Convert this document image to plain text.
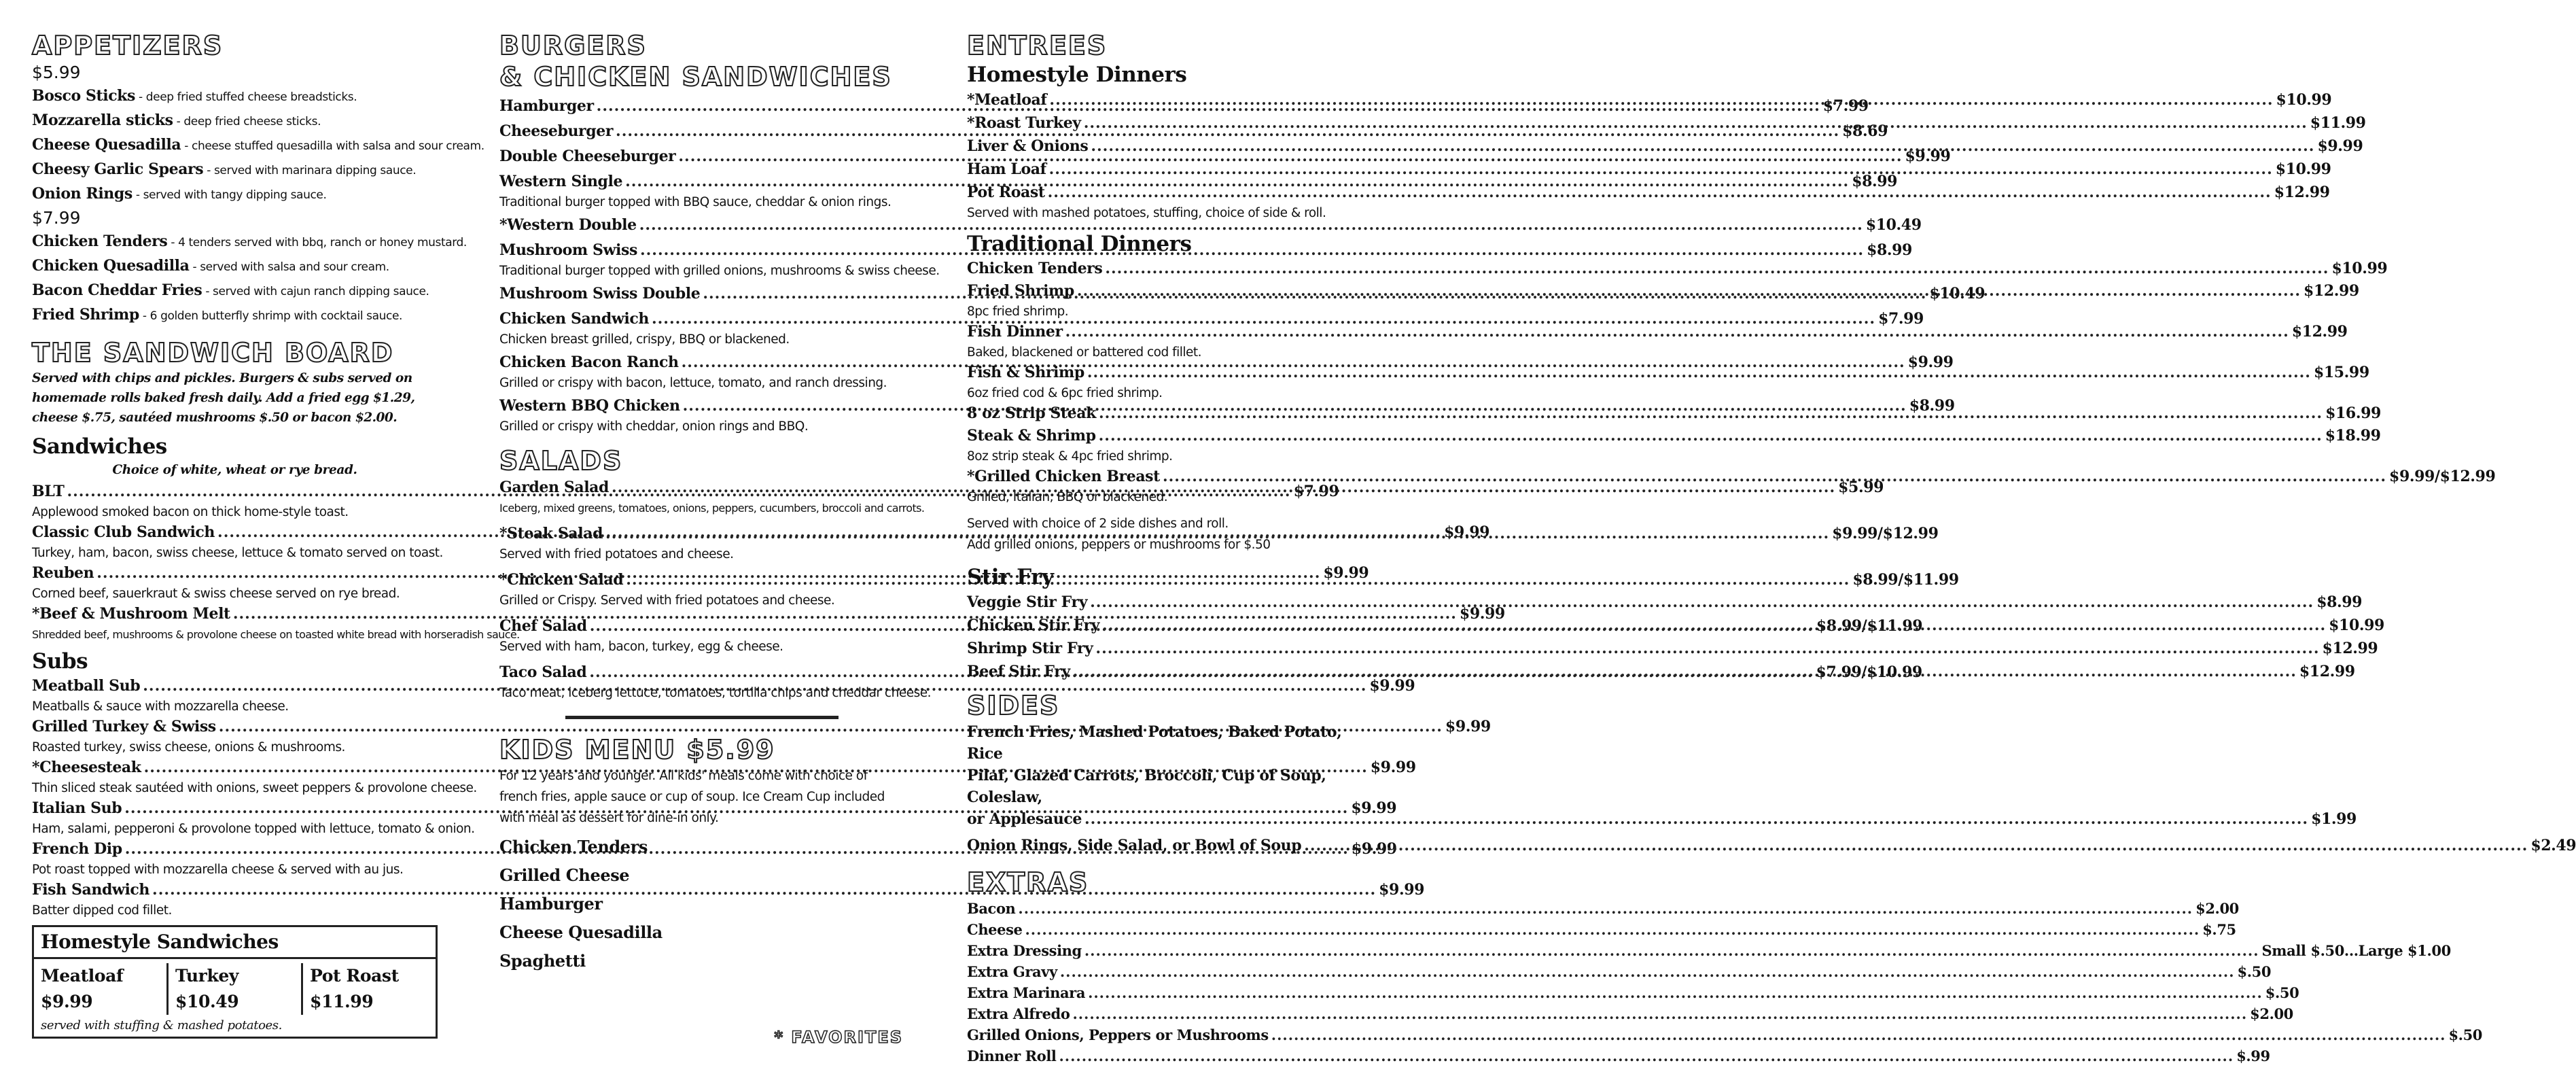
APPETIZERS
$5.99
Bosco Sticks - deep fried stuffed cheese breadsticks.
Mozzarella sticks - deep fried cheese sticks.
Cheese Quesadilla - cheese stuffed quesadilla with salsa and sour cream.
Cheesy Garlic Spears - served with marinara dipping sauce.
Onion Rings - served with tangy dipping sauce.
$7.99
Chicken Tenders - 4 tenders served with bbq, ranch or honey mustard.
Chicken Quesadilla - served with salsa and sour cream.
Bacon Cheddar Fries - served with cajun ranch dipping sauce.
Fried Shrimp - 6 golden butterfly shrimp with cocktail sauce.
THE SANDWICH BOARD
Served with chips and pickles. Burgers & subs served on homemade rolls baked fresh daily. Add a fried egg $1.29, cheese $.75, sautéed mushrooms $.50 or bacon $2.00.
Sandwiches
Choice of white, wheat or rye bread.
BLT .....	$7.99
Applewood smoked bacon on thick home-style toast.
Classic Club Sandwich .....	$9.99
Turkey, ham, bacon, swiss cheese, lettuce & tomato served on toast.
Reuben .....	$9.99
Corned beef, sauerkraut & swiss cheese served on rye bread.
*Beef & Mushroom Melt .....	$9.99
Shredded beef, mushrooms & provolone cheese on toasted white bread with horseradish sauce.
Subs
Meatball Sub .....	$9.99
Meatballs & sauce with mozzarella cheese.
Grilled Turkey & Swiss .....	$9.99
Roasted turkey, swiss cheese, onions & mushrooms.
*Cheesesteak .....	$9.99
Thin sliced steak sautéed with onions, sweet peppers & provolone cheese.
Italian Sub .....	$9.99
Ham, salami, pepperoni & provolone topped with lettuce, tomato & onion.
French Dip .....	$9.99
Pot roast topped with mozzarella cheese & served with au jus.
Fish Sandwich .....	$9.99
Batter dipped cod fillet.
Homestyle Sandwiches
Meatloaf
$9.99
Turkey
$10.49
Pot Roast
$11.99
served with stuffing & mashed potatoes.
BURGERS
& CHICKEN SANDWICHES
Hamburger .....	$7.99
Cheeseburger .....	$8.69
Double Cheeseburger .....	$9.99
Western Single .....	$8.99
Traditional burger topped with BBQ sauce, cheddar & onion rings.
*Western Double .....	$10.49
Mushroom Swiss .....	$8.99
Traditional burger topped with grilled onions, mushrooms & swiss cheese.
Mushroom Swiss Double .....	$10.49
Chicken Sandwich .....	$7.99
Chicken breast grilled, crispy, BBQ or blackened.
Chicken Bacon Ranch .....	$9.99
Grilled or crispy with bacon, lettuce, tomato, and ranch dressing.
Western BBQ Chicken .....	$8.99
Grilled or crispy with cheddar, onion rings and BBQ.
SALADS
Garden Salad .....	$5.99
Iceberg, mixed greens, tomatoes, onions, peppers, cucumbers, broccoli and carrots.
*Steak Salad .....	$9.99/$12.99
Served with fried potatoes and cheese.
*Chicken Salad .....	$8.99/$11.99
Grilled or Crispy. Served with fried potatoes and cheese.
Chef Salad .....	$8.99/$11.99
Served with ham, bacon, turkey, egg & cheese.
Taco Salad .....	$7.99/$10.99
Taco meat, iceberg lettuce, tomatoes, tortilla chips and cheddar cheese.
KIDS MENU $5.99
For 12 years and younger. All kids' meals come with choice of french fries, apple sauce or cup of soup. Ice Cream Cup included with meal as dessert for dine-in only.
Chicken Tenders
Grilled Cheese
Hamburger
Cheese Quesadilla
Spaghetti
* FAVORITES
ENTREES
Homestyle Dinners
*Meatloaf .....	$10.99
*Roast Turkey .....	$11.99
Liver & Onions .....	$9.99
Ham Loaf .....	$10.99
Pot Roast .....	$12.99
Served with mashed potatoes, stuffing, choice of side & roll.
Traditional Dinners
Chicken Tenders .....	$10.99
Fried Shrimp .....	$12.99
8pc fried shrimp.
Fish Dinner .....	$12.99
Baked, blackened or battered cod fillet.
Fish & Shrimp .....	$15.99
6oz fried cod & 6pc fried shrimp.
8 oz Strip Steak .....	$16.99
Steak & Shrimp .....	$18.99
8oz strip steak & 4pc fried shrimp.
*Grilled Chicken Breast .....	$9.99/$12.99
Grilled, Italian, BBQ or blackened.
Served with choice of 2 side dishes and roll.
Add grilled onions, peppers or mushrooms for $.50
Stir Fry
Veggie Stir Fry .....	$8.99
Chicken Stir Fry .....	$10.99
Shrimp Stir Fry .....	$12.99
Beef Stir Fry .....	$12.99
SIDES
French Fries, Mashed Potatoes, Baked Potato, Rice
Pilaf, Glazed Carrots, Broccoli, Cup of Soup, Coleslaw,
or Applesauce .....	$1.99
Onion Rings, Side Salad, or Bowl of Soup .....	$2.49
EXTRAS
Bacon .....	$2.00
Cheese .....	$.75
Extra Dressing .....	Small $.50...Large $1.00
Extra Gravy .....	$.50
Extra Marinara .....	$.50
Extra Alfredo .....	$2.00
Grilled Onions, Peppers or Mushrooms .....	$.50
Dinner Roll .....	$.99
